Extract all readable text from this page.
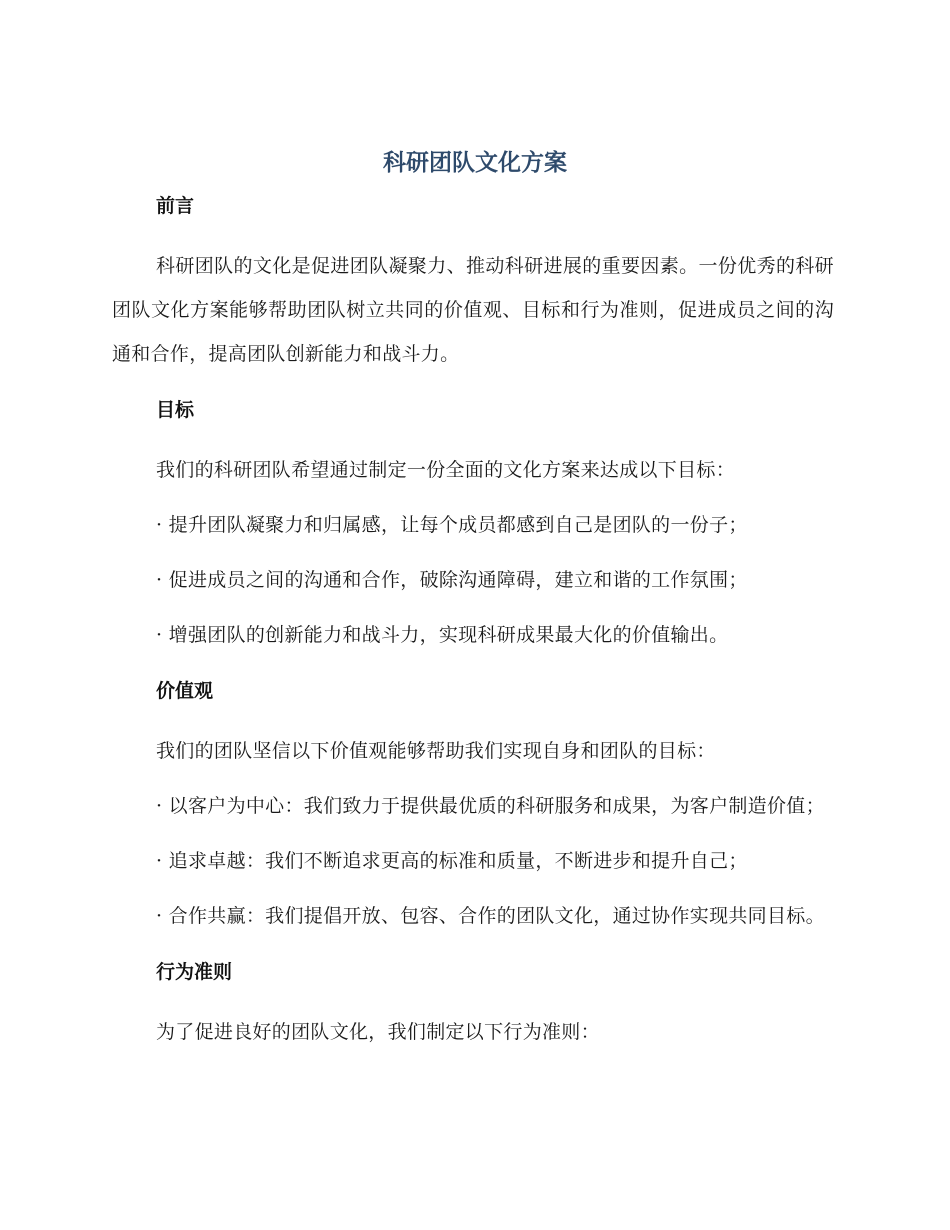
科研团队文化方案
前言

科研团队的文化是促进团队凝聚力、推动科研进展的重要因素。一份优秀的科研团队文化方案能够帮助团队树立共同的价值观、目标和行为准则，促进成员之间的沟通和合作，提高团队创新能力和战斗力。

目标

我们的科研团队希望通过制定一份全面的文化方案来达成以下目标：

· 提升团队凝聚力和归属感，让每个成员都感到自己是团队的一份子；

· 促进成员之间的沟通和合作，破除沟通障碍，建立和谐的工作氛围；

· 增强团队的创新能力和战斗力，实现科研成果最大化的价值输出。

价值观

我们的团队坚信以下价值观能够帮助我们实现自身和团队的目标：

· 以客户为中心：我们致力于提供最优质的科研服务和成果，为客户制造价值；

· 追求卓越：我们不断追求更高的标准和质量，不断进步和提升自己；

· 合作共赢：我们提倡开放、包容、合作的团队文化，通过协作实现共同目标。

行为准则

为了促进良好的团队文化，我们制定以下行为准则：
